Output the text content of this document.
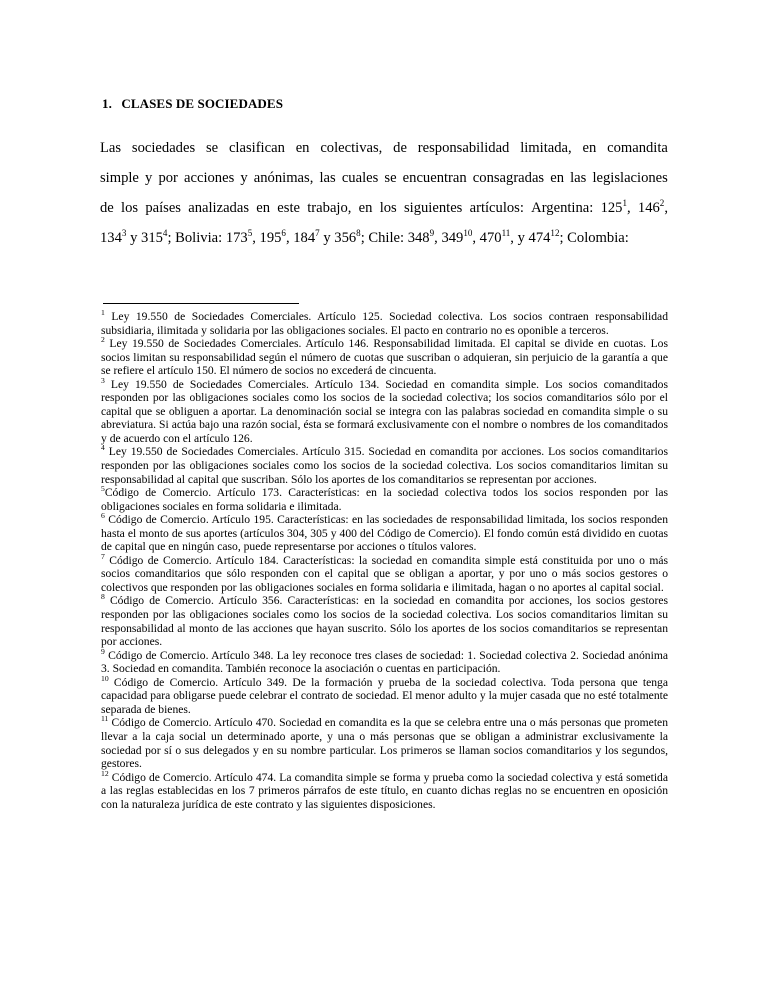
1. CLASES DE SOCIEDADES
Las sociedades se clasifican en colectivas, de responsabilidad limitada, en comandita
simple y por acciones y anónimas, las cuales se encuentran consagradas en las legislaciones
de los países analizadas en este trabajo, en los siguientes artículos: Argentina: $125^1$, $146^2$,
$134^3$ y $315^4$ ; Bolivia: $173^5$ , $195^6$ , $184^7$ y $356^8$ ; Chile: $348^9$ , $349^{10}$ , $470^{11}$ , y $474^{12}$ ; Colombia:

$^1$ Ley 19.550 de Sociedades Comerciales. Artículo 125. Sociedad colectiva. Los socios contraen responsabilidad subsidiaria, ilimitada y solidaria por las obligaciones sociales. El pacto en contrario no es oponible a terceros.

$^2$ Ley 19.550 de Sociedades Comerciales. Artículo 146. Responsabilidad limitada. El capital se divide en cuotas. Los socios limitan su responsabilidad según el número de cuotas que suscriban o adquieran, sin perjuicio de la garantía a que se refiere el artículo 150. El número de socios no excederá de cincuenta.

$^3$ Ley 19.550 de Sociedades Comerciales. Artículo 134. Sociedad en comandita simple. Los socios comanditados responden por las obligaciones sociales como los socios de la sociedad colectiva; los socios comanditarios sólo por el capital que se obliguen a aportar. La denominación social se integra con las palabras sociedad en comandita simple o su abreviatura. Si actúa bajo una razón social, ésta se formará exclusivamente con el nombre o nombres de los comanditados y de acuerdo con el artículo 126.

$^4$ Ley 19.550 de Sociedades Comerciales. Artículo 315. Sociedad en comandita por acciones. Los socios comanditarios responden por las obligaciones sociales como los socios de la sociedad colectiva. Los socios comanditarios limitan su responsabilidad al capital que suscriban. Sólo los aportes de los comanditarios se representan por acciones.

$^5$Código de Comercio. Artículo 173. Características: en la sociedad colectiva todos los socios responden por las obligaciones sociales en forma solidaria e ilimitada.

$^6$ Código de Comercio. Artículo 195. Características: en las sociedades de responsabilidad limitada, los socios responden hasta el monto de sus aportes (artículos 304, 305 y 400 del Código de Comercio). El fondo común está dividido en cuotas de capital que en ningún caso, puede representarse por acciones o títulos valores.

$^7$ Código de Comercio. Artículo 184. Características: la sociedad en comandita simple está constituida por uno o más socios comanditarios que sólo responden con el capital que se obligan a aportar, y por uno o más socios gestores o colectivos que responden por las obligaciones sociales en forma solidaria e ilimitada, hagan o no aportes al capital social.

$^8$ Código de Comercio. Artículo 356. Características: en la sociedad en comandita por acciones, los socios gestores responden por las obligaciones sociales como los socios de la sociedad colectiva. Los socios comanditarios limitan su responsabilidad al monto de las acciones que hayan suscrito. Sólo los aportes de los socios comanditarios se representan por acciones.

$^9$ Código de Comercio. Artículo 348. La ley reconoce tres clases de sociedad: 1. Sociedad colectiva 2. Sociedad anónima 3. Sociedad en comandita. También reconoce la asociación o cuentas en participación.

$^{10}$ Código de Comercio. Artículo 349. De la formación y prueba de la sociedad colectiva. Toda persona que tenga capacidad para obligarse puede celebrar el contrato de sociedad. El menor adulto y la mujer casada que no esté totalmente separada de bienes.

$^{11}$ Código de Comercio. Artículo 470. Sociedad en comandita es la que se celebra entre una o más personas que prometen llevar a la caja social un determinado aporte, y una o más personas que se obligan a administrar exclusivamente la sociedad por sí o sus delegados y en su nombre particular. Los primeros se llaman socios comanditarios y los segundos, gestores.

$^{12}$ Código de Comercio. Artículo 474. La comandita simple se forma y prueba como la sociedad colectiva y está sometida a las reglas establecidas en los 7 primeros párrafos de este título, en cuanto dichas reglas no se encuentren en oposición con la naturaleza jurídica de este contrato y las siguientes disposiciones.
